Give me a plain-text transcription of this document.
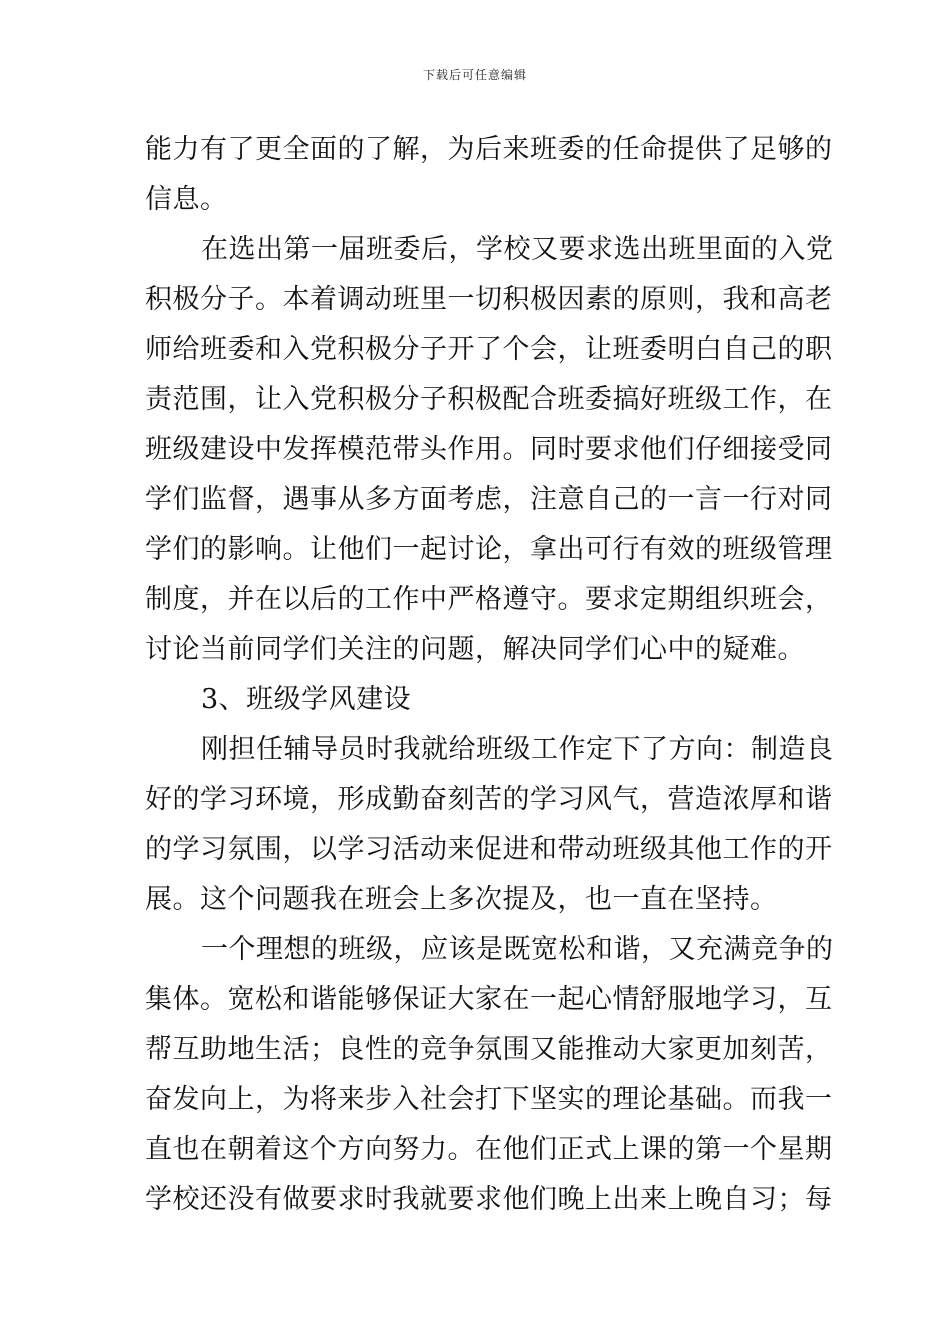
下载后可任意编辑
能力有了更全面的了解，为后来班委的任命提供了足够的
信息。
在选出第一届班委后，学校又要求选出班里面的入党
积极分子。本着调动班里一切积极因素的原则，我和高老
师给班委和入党积极分子开了个会，让班委明白自己的职
责范围，让入党积极分子积极配合班委搞好班级工作，在
班级建设中发挥模范带头作用。同时要求他们仔细接受同
学们监督，遇事从多方面考虑，注意自己的一言一行对同
学们的影响。让他们一起讨论，拿出可行有效的班级管理
制度，并在以后的工作中严格遵守。要求定期组织班会，
讨论当前同学们关注的问题，解决同学们心中的疑难。
3、班级学风建设
刚担任辅导员时我就给班级工作定下了方向：制造良
好的学习环境，形成勤奋刻苦的学习风气，营造浓厚和谐
的学习氛围，以学习活动来促进和带动班级其他工作的开
展。这个问题我在班会上多次提及，也一直在坚持。
一个理想的班级，应该是既宽松和谐，又充满竞争的
集体。宽松和谐能够保证大家在一起心情舒服地学习，互
帮互助地生活；良性的竞争氛围又能推动大家更加刻苦，
奋发向上，为将来步入社会打下坚实的理论基础。而我一
直也在朝着这个方向努力。在他们正式上课的第一个星期
学校还没有做要求时我就要求他们晚上出来上晚自习；每
